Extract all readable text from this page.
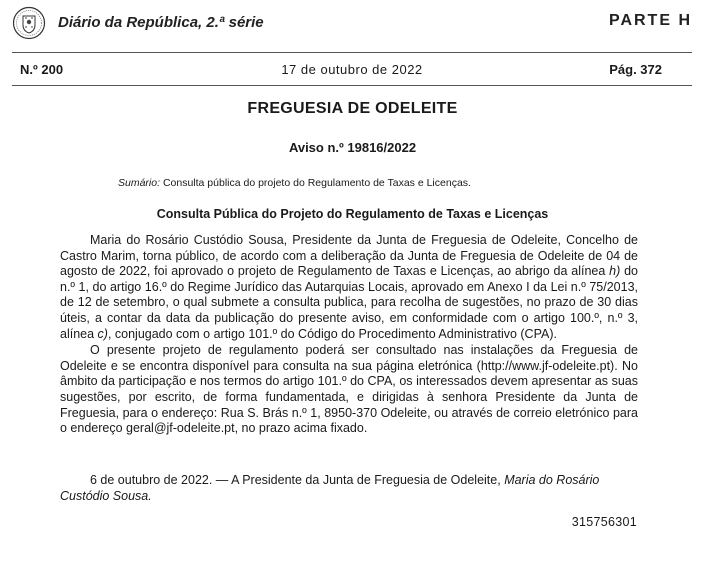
Diário da República, 2.ª série	PARTE H
N.º 200	17 de outubro de 2022	Pág. 372
FREGUESIA DE ODELEITE
Aviso n.º 19816/2022
Sumário: Consulta pública do projeto do Regulamento de Taxas e Licenças.
Consulta Pública do Projeto do Regulamento de Taxas e Licenças

Maria do Rosário Custódio Sousa, Presidente da Junta de Freguesia de Odeleite, Concelho de Castro Marim, torna público, de acordo com a deliberação da Junta de Freguesia de Odeleite de 04 de agosto de 2022, foi aprovado o projeto de Regulamento de Taxas e Licenças, ao abrigo da alínea h) do n.º 1, do artigo 16.º do Regime Jurídico das Autarquias Locais, aprovado em Anexo I da Lei n.º 75/2013, de 12 de setembro, o qual submete a consulta publica, para recolha de sugestões, no prazo de 30 dias úteis, a contar da data da publicação do presente aviso, em conformidade com o artigo 100.º, n.º 3, alínea c), conjugado com o artigo 101.º do Código do Procedimento Administrativo (CPA).

O presente projeto de regulamento poderá ser consultado nas instalações da Freguesia de Odeleite e se encontra disponível para consulta na sua página eletrónica (http://www.jf-odeleite.pt). No âmbito da participação e nos termos do artigo 101.º do CPA, os interessados devem apresentar as suas sugestões, por escrito, de forma fundamentada, e dirigidas à senhora Presidente da Junta de Freguesia, para o endereço: Rua S. Brás n.º 1, 8950-370 Odeleite, ou através de correio eletrónico para o endereço geral@jf-odeleite.pt, no prazo acima fixado.

6 de outubro de 2022. — A Presidente da Junta de Freguesia de Odeleite, Maria do Rosário Custódio Sousa.
315756301
